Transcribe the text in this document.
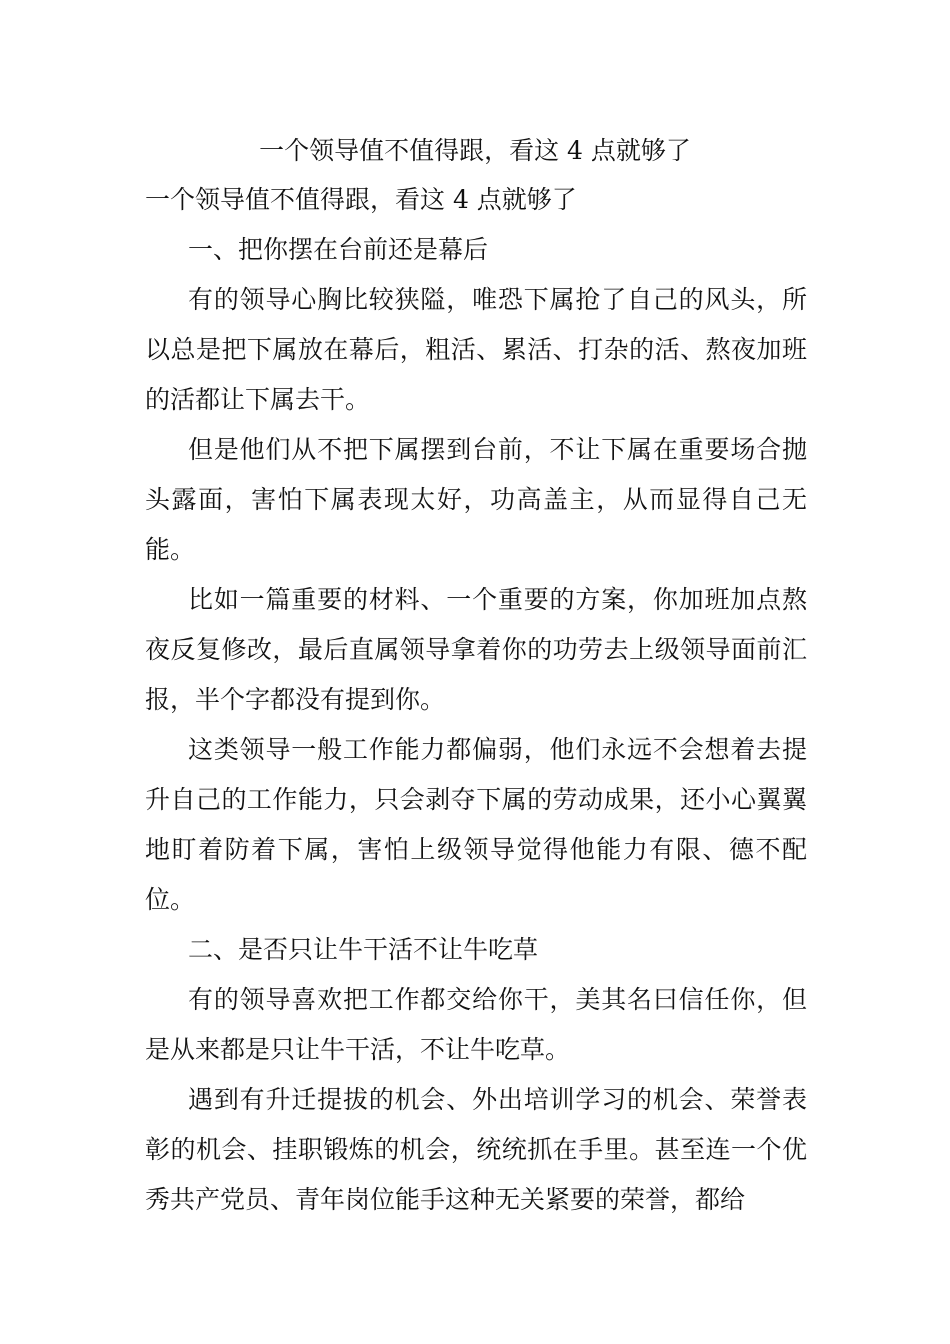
一个领导值不值得跟，看这 4 点就够了

一个领导值不值得跟，看这 4 点就够了

一、把你摆在台前还是幕后

有的领导心胸比较狭隘，唯恐下属抢了自己的风头，所以总是把下属放在幕后，粗活、累活、打杂的活、熬夜加班的活都让下属去干。

但是他们从不把下属摆到台前，不让下属在重要场合抛头露面，害怕下属表现太好，功高盖主，从而显得自己无能。

比如一篇重要的材料、一个重要的方案，你加班加点熬夜反复修改，最后直属领导拿着你的功劳去上级领导面前汇报，半个字都没有提到你。

这类领导一般工作能力都偏弱，他们永远不会想着去提升自己的工作能力，只会剥夺下属的劳动成果，还小心翼翼地盯着防着下属，害怕上级领导觉得他能力有限、德不配位。

二、是否只让牛干活不让牛吃草

有的领导喜欢把工作都交给你干，美其名曰信任你，但是从来都是只让牛干活，不让牛吃草。

遇到有升迁提拔的机会、外出培训学习的机会、荣誉表彰的机会、挂职锻炼的机会，统统抓在手里。甚至连一个优秀共产党员、青年岗位能手这种无关紧要的荣誉，都给
